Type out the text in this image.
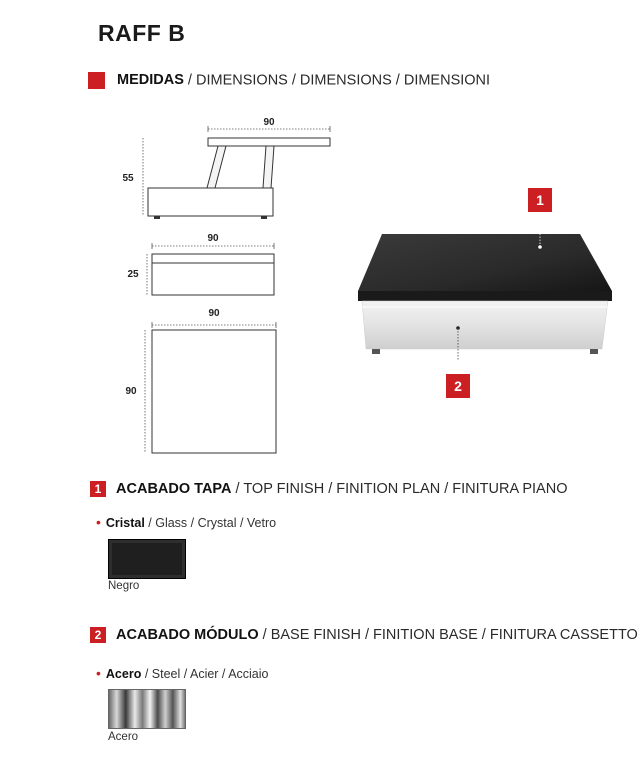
RAFF B
MEDIDAS / DIMENSIONS / DIMENSIONS / DIMENSIONI
90
55
90
25
90
90
1
2
1 ACABADO TAPA / TOP FINISH / FINITION PLAN / FINITURA PIANO
• Cristal / Glass / Crystal / Vetro
Negro
2 ACABADO MÓDULO / BASE FINISH / FINITION BASE / FINITURA CASSETTO
• Acero / Steel / Acier / Acciaio
Acero
